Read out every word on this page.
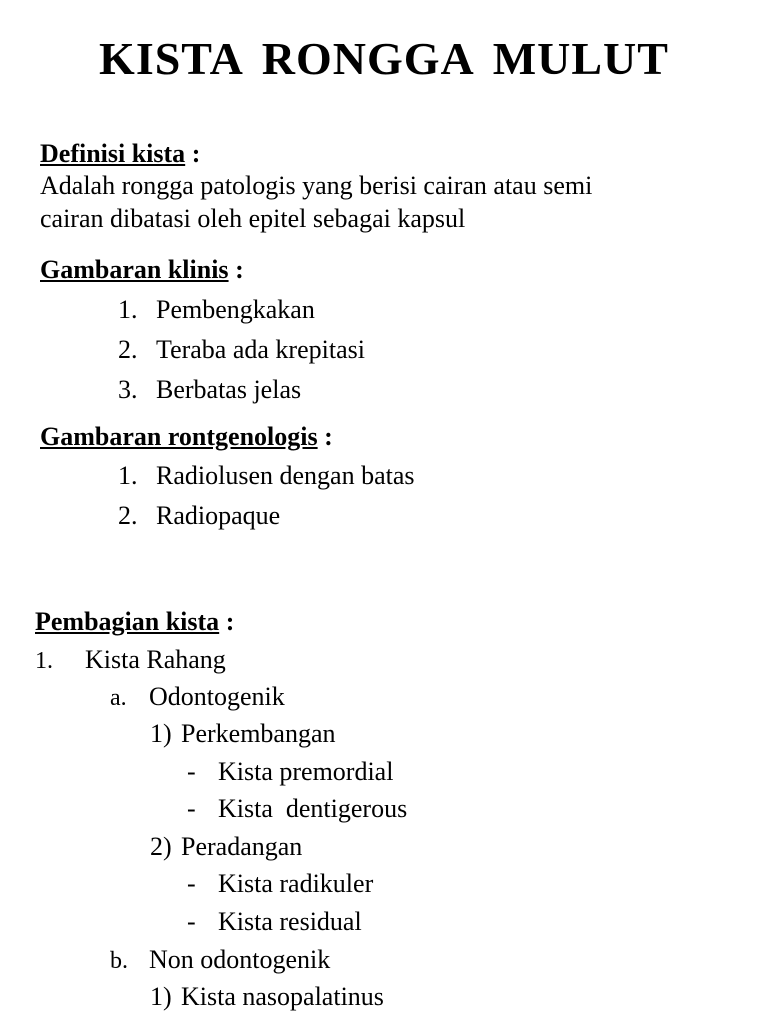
KISTA RONGGA MULUT
Definisi kista :
Adalah rongga patologis yang berisi cairan atau semi
cairan dibatasi oleh epitel sebagai kapsul
Gambaran klinis :
1. Pembengkakan
2. Teraba ada krepitasi
3. Berbatas jelas
Gambaran rontgenologis :
1. Radiolusen dengan batas
2. Radiopaque
Pembagian kista :
1. Kista Rahang
a. Odontogenik
1) Perkembangan
- Kista premordial
- Kista  dentigerous
2) Peradangan
- Kista radikuler
- Kista residual
b. Non odontogenik
1) Kista nasopalatinus
